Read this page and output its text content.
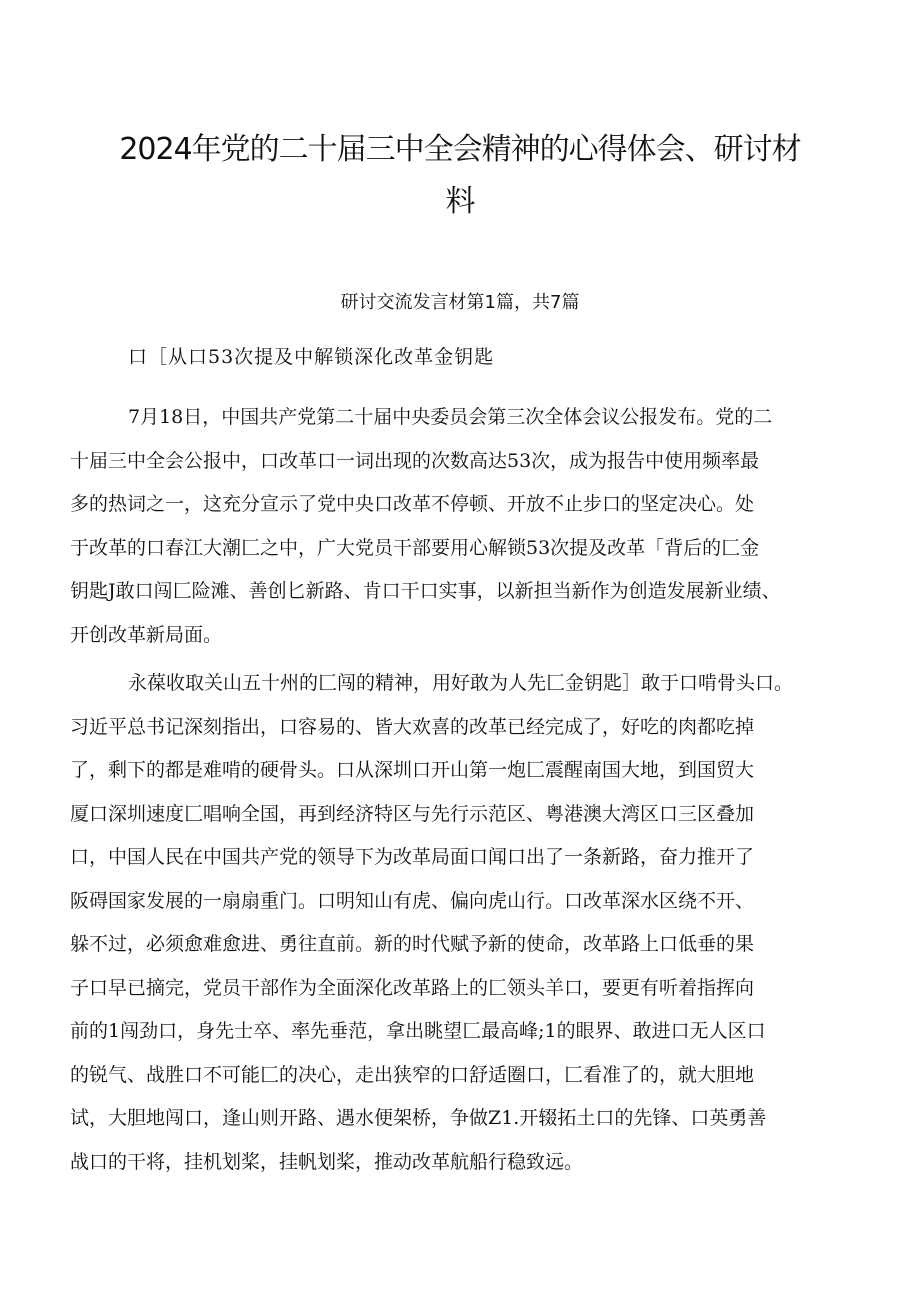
2024年党的二十届三中全会精神的心得体会、研讨材
料
研讨交流发言材第1篇，共7篇
口［从口53次提及中解锁深化改革金钥匙
7月18日，中国共产党第二十届中央委员会第三次全体会议公报发布。党的二
十届三中全会公报中，口改革口一词出现的次数高达53次，成为报告中使用频率最
多的热词之一，这充分宣示了党中央口改革不停顿、开放不止步口的坚定决心。处
于改革的口春江大潮匚之中，广大党员干部要用心解锁53次提及改革「背后的匚金
钥匙J敢口闯匚险滩、善创匕新路、肯口干口实事，以新担当新作为创造发展新业绩、
开创改革新局面。
永葆收取关山五十州的匚闯的精神，用好敢为人先匚金钥匙］敢于口啃骨头口。
习近平总书记深刻指出，口容易的、皆大欢喜的改革已经完成了，好吃的肉都吃掉
了，剩下的都是难啃的硬骨头。口从深圳口开山第一炮匚震醒南国大地，到国贸大
厦口深圳速度匚唱响全国，再到经济特区与先行示范区、粤港澳大湾区口三区叠加
口，中国人民在中国共产党的领导下为改革局面口闻口出了一条新路，奋力推开了
阪碍国家发展的一扇扇重门。口明知山有虎、偏向虎山行。口改革深水区绕不开、
躲不过，必须愈难愈进、勇往直前。新的时代赋予新的使命，改革路上口低垂的果
子口早已摘完，党员干部作为全面深化改革路上的匚领头羊口，要更有听着指挥向
前的1闯劲口，身先士卒、率先垂范，拿出眺望匚最高峰;1的眼界、敢进口无人区口
的锐气、战胜口不可能匚的决心，走出狭窄的口舒适圈口，匚看准了的，就大胆地
试，大胆地闯口，逢山则开路、遇水便架桥，争做Z1.开辍拓土口的先锋、口英勇善
战口的干将，挂机划桨，挂帆划桨，推动改革航船行稳致远。
